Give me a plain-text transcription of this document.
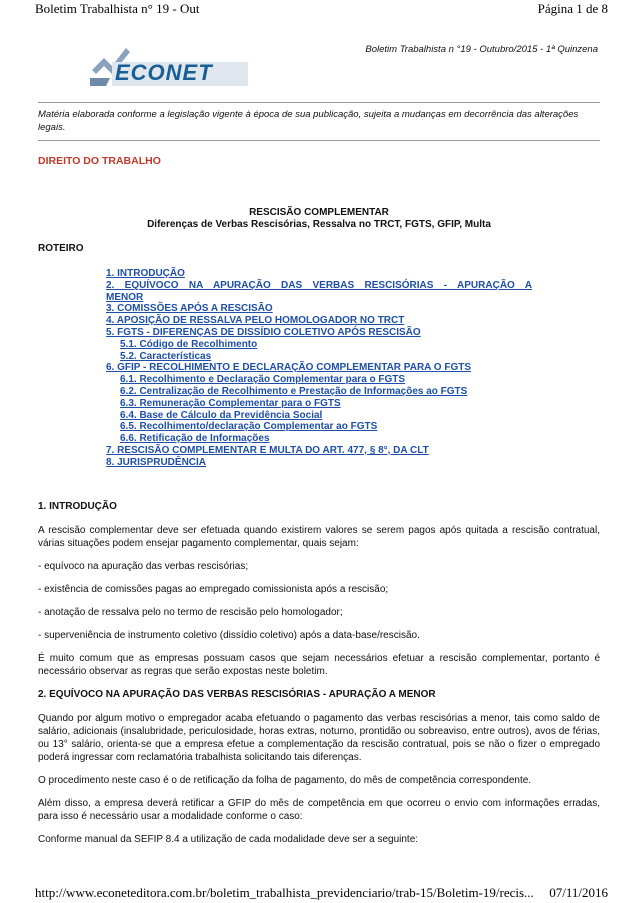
Boletim Trabalhista n° 19 - Out	Página 1 de 8
ECONET
Boletim Trabalhista n °19 - Outubro/2015 - 1ª Quinzena
Matéria elaborada conforme a legislação vigente à época de sua publicação, sujeita a mudanças em decorrência das alterações legais.
DIREITO DO TRABALHO
RESCISÃO COMPLEMENTAR
Diferenças de Verbas Rescisórias, Ressalva no TRCT, FGTS, GFIP, Multa
ROTEIRO
1. INTRODUÇÃO
2. EQUÍVOCO NA APURAÇÃO DAS VERBAS RESCISÓRIAS - APURAÇÃO A
MENOR
3. COMISSÕES APÓS A RESCISÃO
4. APOSIÇÃO DE RESSALVA PELO HOMOLOGADOR NO TRCT
5. FGTS - DIFERENÇAS DE DISSÍDIO COLETIVO APÓS RESCISÃO
5.1. Código de Recolhimento
5.2. Características
6. GFIP - RECOLHIMENTO E DECLARAÇÃO COMPLEMENTAR PARA O FGTS
6.1. Recolhimento e Declaração Complementar para o FGTS
6.2. Centralização de Recolhimento e Prestação de Informações ao FGTS
6.3. Remuneração Complementar para o FGTS
6.4. Base de Cálculo da Previdência Social
6.5. Recolhimento/declaração Complementar ao FGTS
6.6. Retificação de Informações
7. RESCISÃO COMPLEMENTAR E MULTA DO ART. 477, § 8°, DA CLT
8. JURISPRUDÊNCIA
1. INTRODUÇÃO

A rescisão complementar deve ser efetuada quando existirem valores se serem pagos após quitada a rescisão contratual, várias situações podem ensejar pagamento complementar, quais sejam:

- equívoco na apuração das verbas rescisórias;

- existência de comissões pagas ao empregado comissionista após a rescisão;

- anotação de ressalva pelo no termo de rescisão pelo homologador;

- superveniência de instrumento coletivo (dissídio coletivo) após a data-base/rescisão.

É muito comum que as empresas possuam casos que sejam necessários efetuar a rescisão complementar, portanto é necessário observar as regras que serão expostas neste boletim.

2. EQUÍVOCO NA APURAÇÃO DAS VERBAS RESCISÓRIAS - APURAÇÃO A MENOR

Quando por algum motivo o empregador acaba efetuando o pagamento das verbas rescisórias a menor, tais como saldo de salário, adicionais (insalubridade, periculosidade, horas extras, noturno, prontidão ou sobreaviso, entre outros), avos de férias, ou 13° salário, orienta-se que a empresa efetue a complementação da rescisão contratual, pois se não o fizer o empregado poderá ingressar com reclamatória trabalhista solicitando tais diferenças.

O procedimento neste caso é o de retificação da folha de pagamento, do mês de competência correspondente.

Além disso, a empresa deverá retificar a GFIP do mês de competência em que ocorreu o envio com informações erradas, para isso é necessário usar a modalidade conforme o caso:

Conforme manual da SEFIP 8.4 a utilização de cada modalidade deve ser a seguinte:

http://www.econeteditora.com.br/boletim_trabalhista_previdenciario/trab-15/Boletim-19/recis... 07/11/2016
